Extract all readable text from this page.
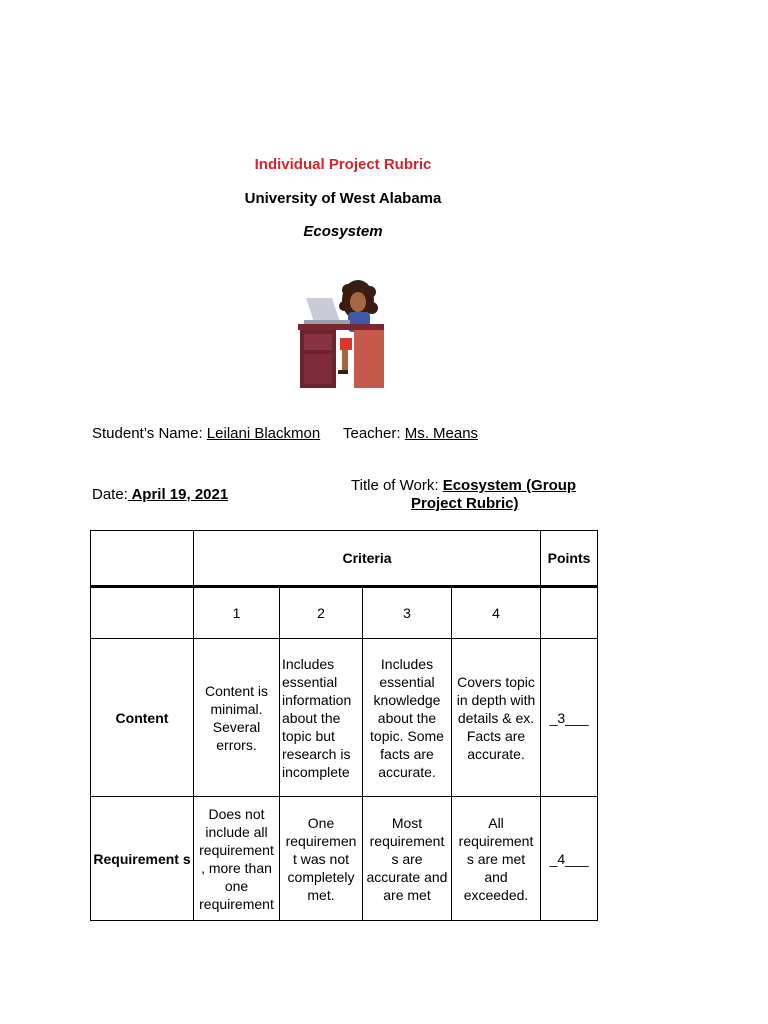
Individual Project Rubric
University of West Alabama
Ecosystem
Student’s Name: Leilani Blackmon Teacher: Ms. Means
Date: April 19, 2021
Title of Work: Ecosystem (Group
Project Rubric)
	Criteria				Points
	1	2	3	4	
Content	Content is minimal. Several errors.	Includes essential information about the topic but research is incomplete	Includes essential knowledge about the topic. Some facts are accurate.	Covers topic in depth with details & ex. Facts are accurate.	_3___
Requirement s	Does not include all requirement , more than one requirement	One requiremen t was not completely met.	Most requirement s are accurate and are met	All requirement s are met and exceeded.	_4___
